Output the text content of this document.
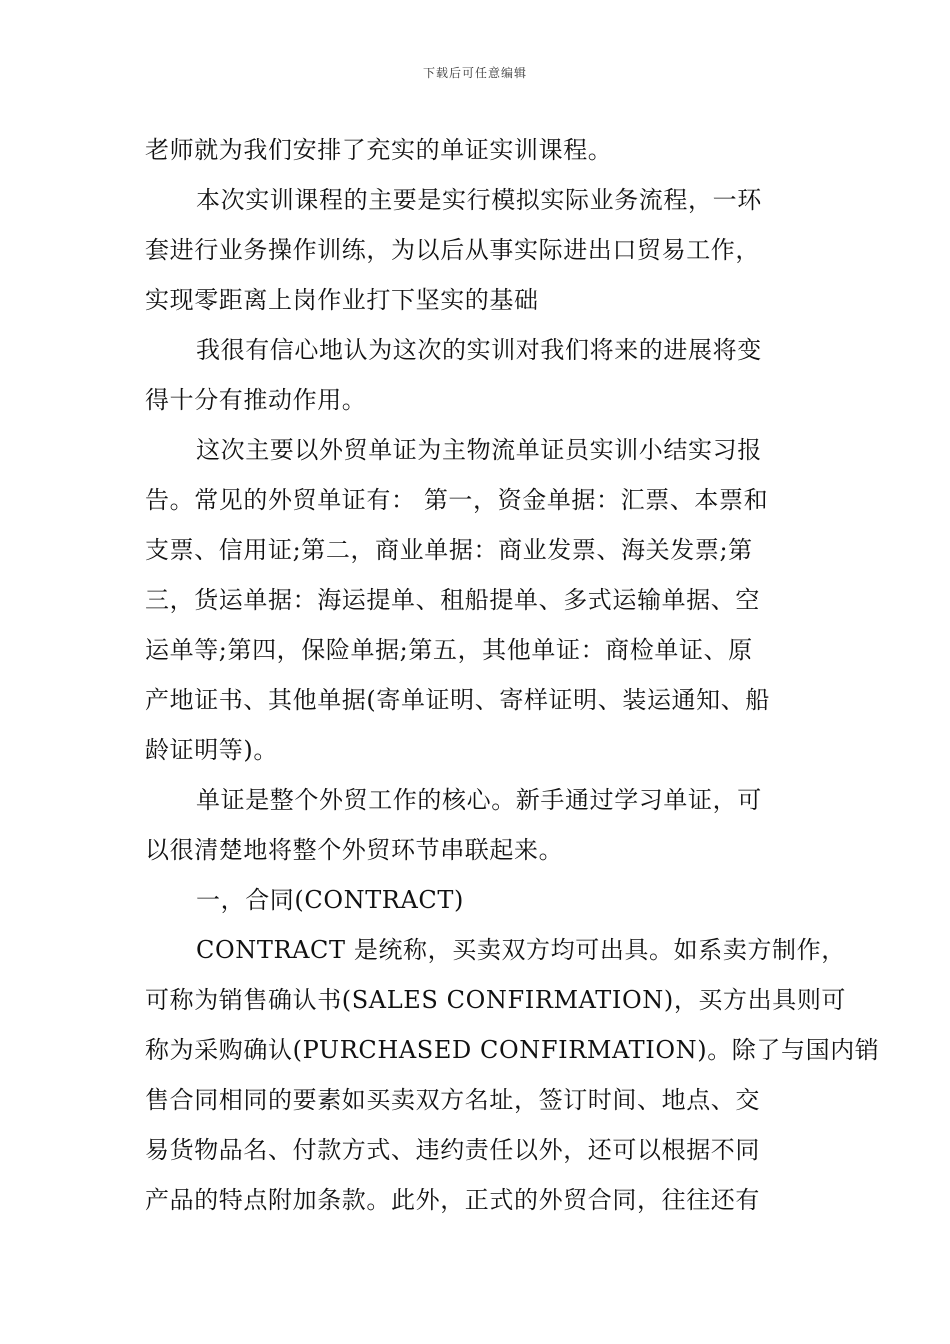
下载后可任意编辑
老师就为我们安排了充实的单证实训课程。
本次实训课程的主要是实行模拟实际业务流程，一环
套进行业务操作训练，为以后从事实际进出口贸易工作，
实现零距离上岗作业打下坚实的基础
我很有信心地认为这次的实训对我们将来的进展将变
得十分有推动作用。
这次主要以外贸单证为主物流单证员实训小结实习报
告。常见的外贸单证有： 第一，资金单据：汇票、本票和
支票、信用证;第二，商业单据：商业发票、海关发票;第
三，货运单据：海运提单、租船提单、多式运输单据、空
运单等;第四，保险单据;第五，其他单证：商检单证、原
产地证书、其他单据(寄单证明、寄样证明、装运通知、船
龄证明等)。
单证是整个外贸工作的核心。新手通过学习单证，可
以很清楚地将整个外贸环节串联起来。
一，合同(CONTRACT)
CONTRACT 是统称，买卖双方均可出具。如系卖方制作，
可称为销售确认书(SALES CONFIRMATION)，买方出具则可
称为采购确认(PURCHASED CONFIRMATION)。除了与国内销
售合同相同的要素如买卖双方名址，签订时间、地点、交
易货物品名、付款方式、违约责任以外，还可以根据不同
产品的特点附加条款。此外，正式的外贸合同，往往还有
